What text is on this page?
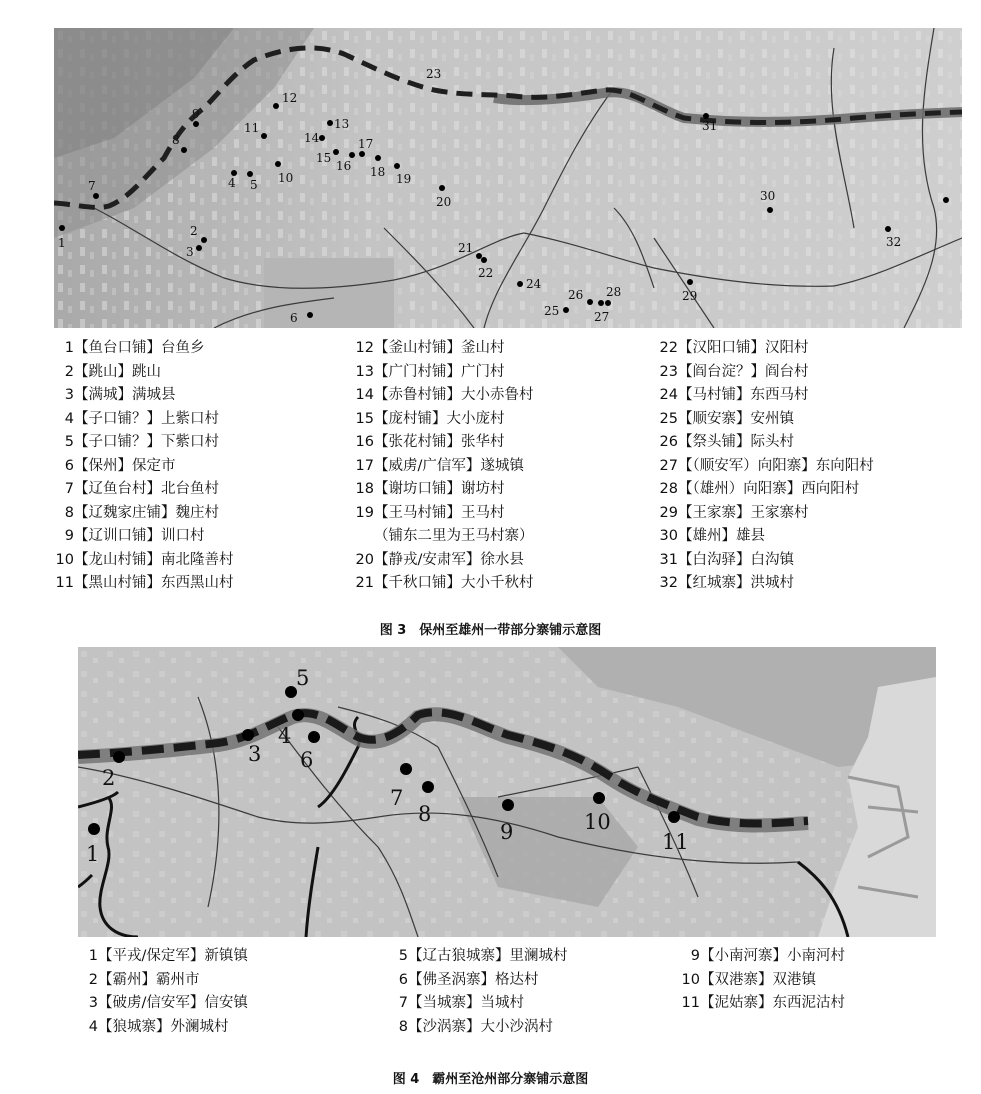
1
2
3
4 5
6
7
8
9
10
11
12
13
14
15
16
17
18 19
20
21
22
23
24
25
26
27
28	29
30
31
32
1【鱼台口铺】台鱼乡
2【跳山】跳山
3【满城】满城县
4【子口铺？】上紫口村
5【子口铺？】下紫口村
6【保州】保定市
7【辽鱼台村】北台鱼村
8【辽魏家庄铺】魏庄村
9【辽训口铺】训口村
10【龙山村铺】南北隆善村
11【黑山村铺】东西黑山村
12【釜山村铺】釜山村
13【广门村铺】广门村
14【赤鲁村铺】大小赤鲁村
15【庞村铺】大小庞村
16【张花村铺】张华村
17【威虏/广信军】遂城镇
18【谢坊口铺】谢坊村
19【王马村铺】王马村
（铺东二里为王马村寨）
20【静戎/安肃军】徐水县
21【千秋口铺】大小千秋村
22【汉阳口铺】汉阳村
23【阎台淀？】阎台村
24【马村铺】东西马村
25【顺安寨】安州镇
26【祭头铺】际头村
27【（顺安军）向阳寨】东向阳村
28【（雄州）向阳寨】西向阳村
29【王家寨】王家寨村
30【雄州】雄县
31【白沟驿】白沟镇
32【红城寨】洪城村
图 3　保州至雄州一带部分寨铺示意图
1
2
3
4
5
6
7
8
9	10
11
1【平戎/保定军】新镇镇
2【霸州】霸州市
3【破虏/信安军】信安镇
4【狼城寨】外澜城村
5【辽古狼城寨】里澜城村
6【佛圣涡寨】格达村
7【当城寨】当城村
8【沙涡寨】大小沙涡村
9【小南河寨】小南河村
10【双港寨】双港镇
11【泥姑寨】东西泥沽村
图 4　霸州至沧州部分寨铺示意图
